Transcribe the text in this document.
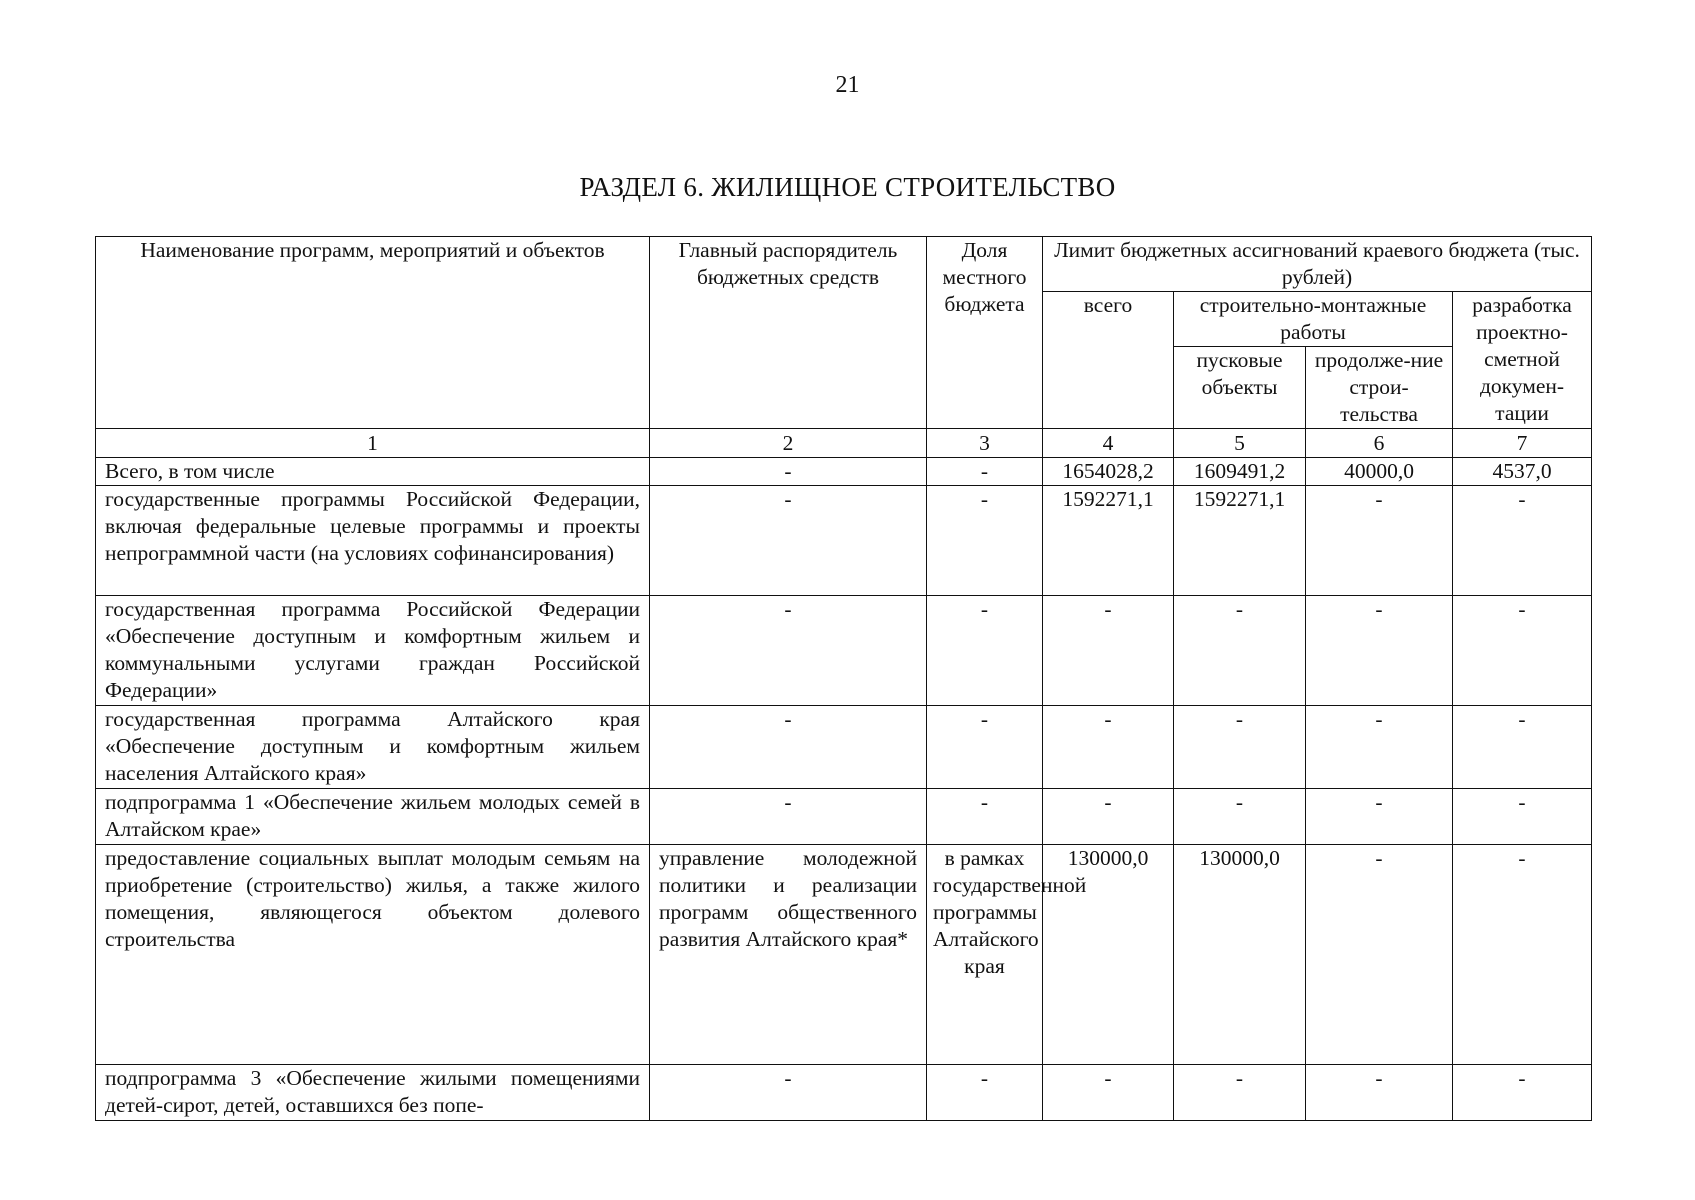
21
РАЗДЕЛ 6. ЖИЛИЩНОЕ СТРОИТЕЛЬСТВО
Наименование программ, мероприятий и объектов	Главный распорядитель бюджетных средств	Доля местного бюджета	Лимит бюджетных ассигнований краевого бюджета (тыс. рублей)			
			всего	строительно-монтажные работы		разработка проектно-сметной докумен-тации
				пусковые объекты	продолже-ние строи-тельства	

1	2	3	4	5	6	7
Всего, в том числе	-	-	1654028,2	1609491,2	40000,0	4537,0
государственные программы Российской Федерации, включая федеральные целевые программы и проекты непрограммной части (на условиях софинансирования)	-	-	1592271,1	1592271,1	-	-
государственная программа Российской Федерации «Обеспечение доступным и комфортным жильем и коммунальными услугами граждан Российской Федерации»	-	-	-	-	-	-
государственная программа Алтайского края «Обеспечение доступным и комфортным жильем населения Алтайского края»	-	-	-	-	-	-
подпрограмма 1 «Обеспечение жильем молодых семей в Алтайском крае»	-	-	-	-	-	-
предоставление социальных выплат молодым семьям на приобретение (строительство) жилья, а также жилого помещения, являющегося объектом долевого строительства	управление молодежной политики и реализации программ общественного развития Алтайского края*	в рамках государственной программы Алтайского края	130000,0	130000,0	-	-
подпрограмма 3 «Обеспечение жилыми помещениями детей-сирот, детей, оставшихся без попе-	-	-	-	-	-	-
